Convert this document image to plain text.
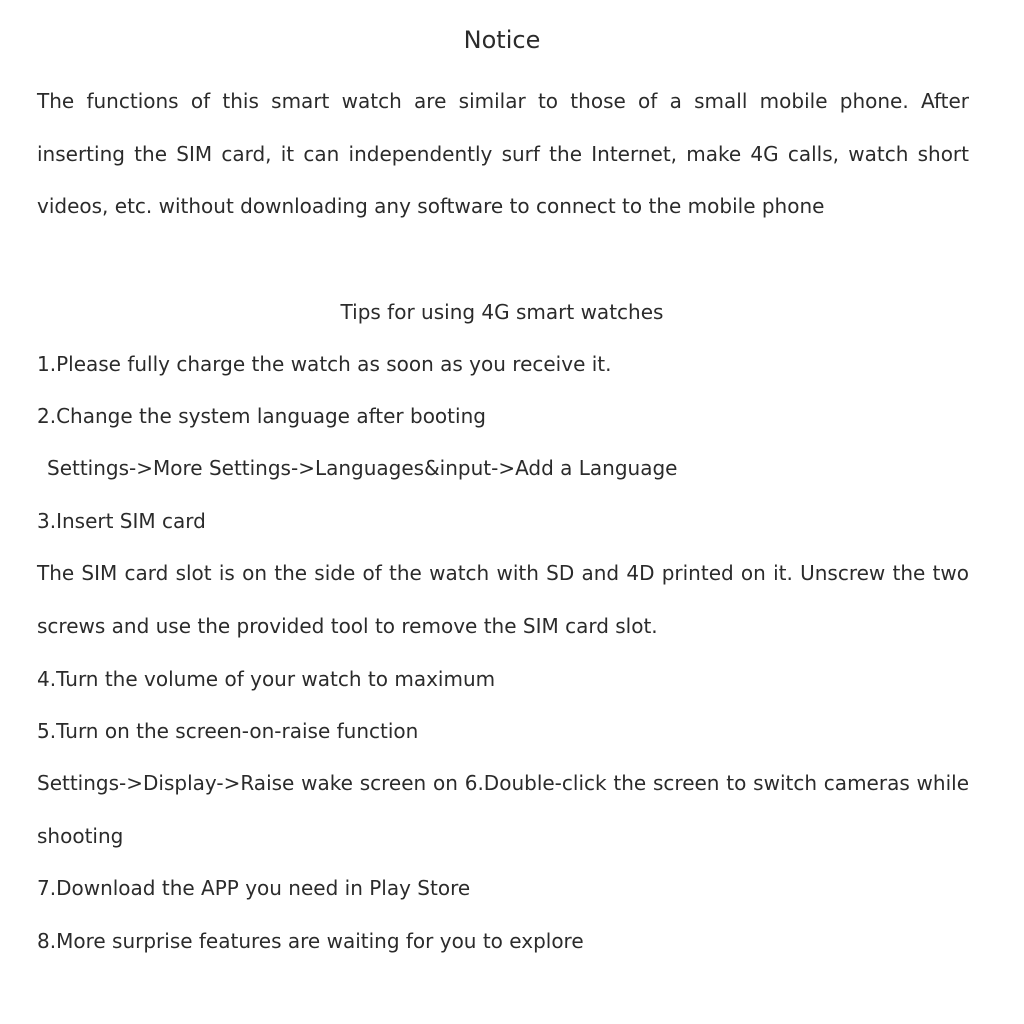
Notice

The functions of this smart watch are similar to those of a small mobile phone. After inserting the SIM card, it can independently surf the Internet, make 4G calls, watch short videos, etc. without downloading any software to connect to the mobile phone

Tips for using 4G smart watches

1.Please fully charge the watch as soon as you receive it.

2.Change the system language after booting

Settings->More Settings->Languages&input->Add a Language

3.Insert SIM card

The SIM card slot is on the side of the watch with SD and 4D printed on it. Unscrew the two screws and use the provided tool to remove the SIM card slot.

4.Turn the volume of your watch to maximum

5.Turn on the screen-on-raise function

Settings->Display->Raise wake screen on 6.Double-click the screen to switch cameras while shooting

7.Download the APP you need in Play Store

8.More surprise features are waiting for you to explore
